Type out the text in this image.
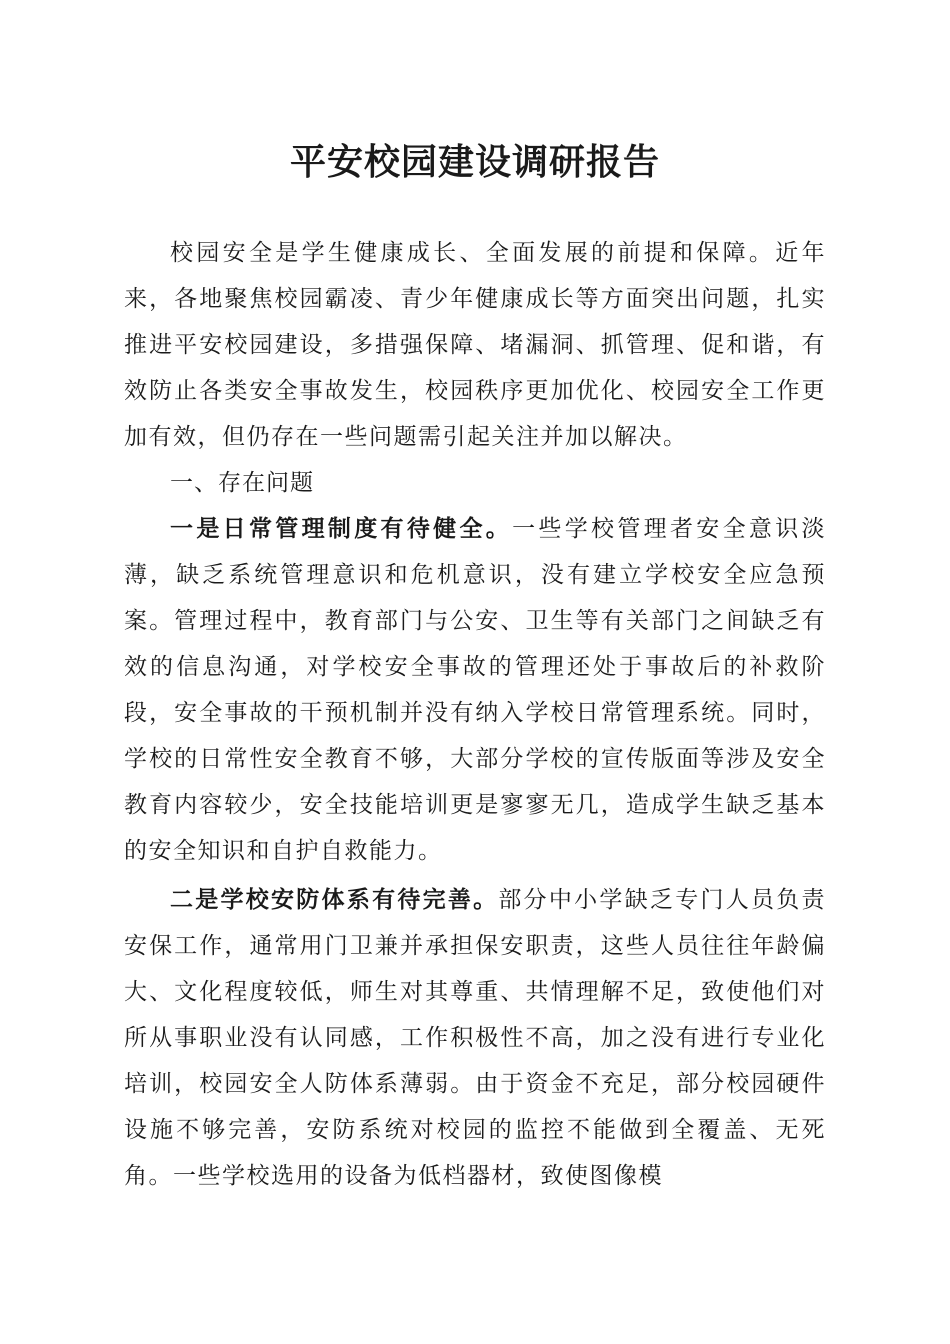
平安校园建设调研报告

校园安全是学生健康成长、全面发展的前提和保障。近年来，各地聚焦校园霸凌、青少年健康成长等方面突出问题，扎实推进平安校园建设，多措强保障、堵漏洞、抓管理、促和谐，有效防止各类安全事故发生，校园秩序更加优化、校园安全工作更加有效，但仍存在一些问题需引起关注并加以解决。

一、存在问题

一是日常管理制度有待健全。一些学校管理者安全意识淡薄，缺乏系统管理意识和危机意识，没有建立学校安全应急预案。管理过程中，教育部门与公安、卫生等有关部门之间缺乏有效的信息沟通，对学校安全事故的管理还处于事故后的补救阶段，安全事故的干预机制并没有纳入学校日常管理系统。同时，学校的日常性安全教育不够，大部分学校的宣传版面等涉及安全教育内容较少，安全技能培训更是寥寥无几，造成学生缺乏基本的安全知识和自护自救能力。

二是学校安防体系有待完善。部分中小学缺乏专门人员负责安保工作，通常用门卫兼并承担保安职责，这些人员往往年龄偏大、文化程度较低，师生对其尊重、共情理解不足，致使他们对所从事职业没有认同感，工作积极性不高，加之没有进行专业化培训，校园安全人防体系薄弱。由于资金不充足，部分校园硬件设施不够完善，安防系统对校园的监控不能做到全覆盖、无死角。一些学校选用的设备为低档器材，致使图像模
